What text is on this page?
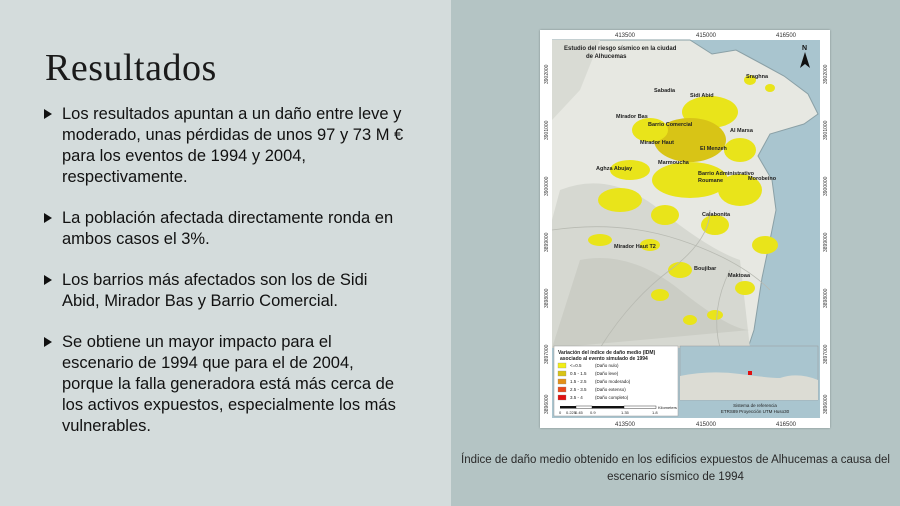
Resultados
Los resultados apuntan a un daño entre leve y moderado, unas pérdidas de unos 97 y 73 M € para los eventos de 1994 y 2004, respectivamente.
La población afectada directamente ronda en ambos casos el 3%.
Los barrios más afectados son los de Sidi Abid, Mirador Bas y Barrio Comercial.
Se obtiene un mayor impacto para el escenario de 1994 que para el de 2004, porque la falla generadora está más cerca de los activos expuestos, especialmente los más vulnerables.
413500	415000	416500
413500	415000	416500
3902000
3901000
3900000
3899000
3898000
3897000
3896000
3902000
3901000
3900000
3899000
3898000
3897000
3896000
Estudio del riesgo sísmico en la ciudad
de Alhucemas
N
Sraghna
Sabadia
Sidi Abid
Mirador Bas
Barrio Comercial
Al Marsa
Mirador Haut
El Menzeh
Aghza Abujay
Marmoucha
Barrio Administrativo
Roumane	Morobeino
Calabonita
Mirador Haut T2
Boujibar
Maktoaa
Variación del índice de daño medio (IDM)
asociado al evento simulado de 1994
<=0.5	(Daño nulo)
0.5 - 1.5 (Daño leve)
1.5 - 2.5 (Daño moderado)
2.5 - 3.5 (Daño extenso)
3.5 - 4	(Daño completo)
0 0.225
0.45 0.9	1.35	1.8
Kilometers	Sistema de referencia
ETRS89 Proyección UTM Huso30

Índice de daño medio obtenido en los edificios expuestos de Alhucemas a causa del escenario sísmico de 1994
